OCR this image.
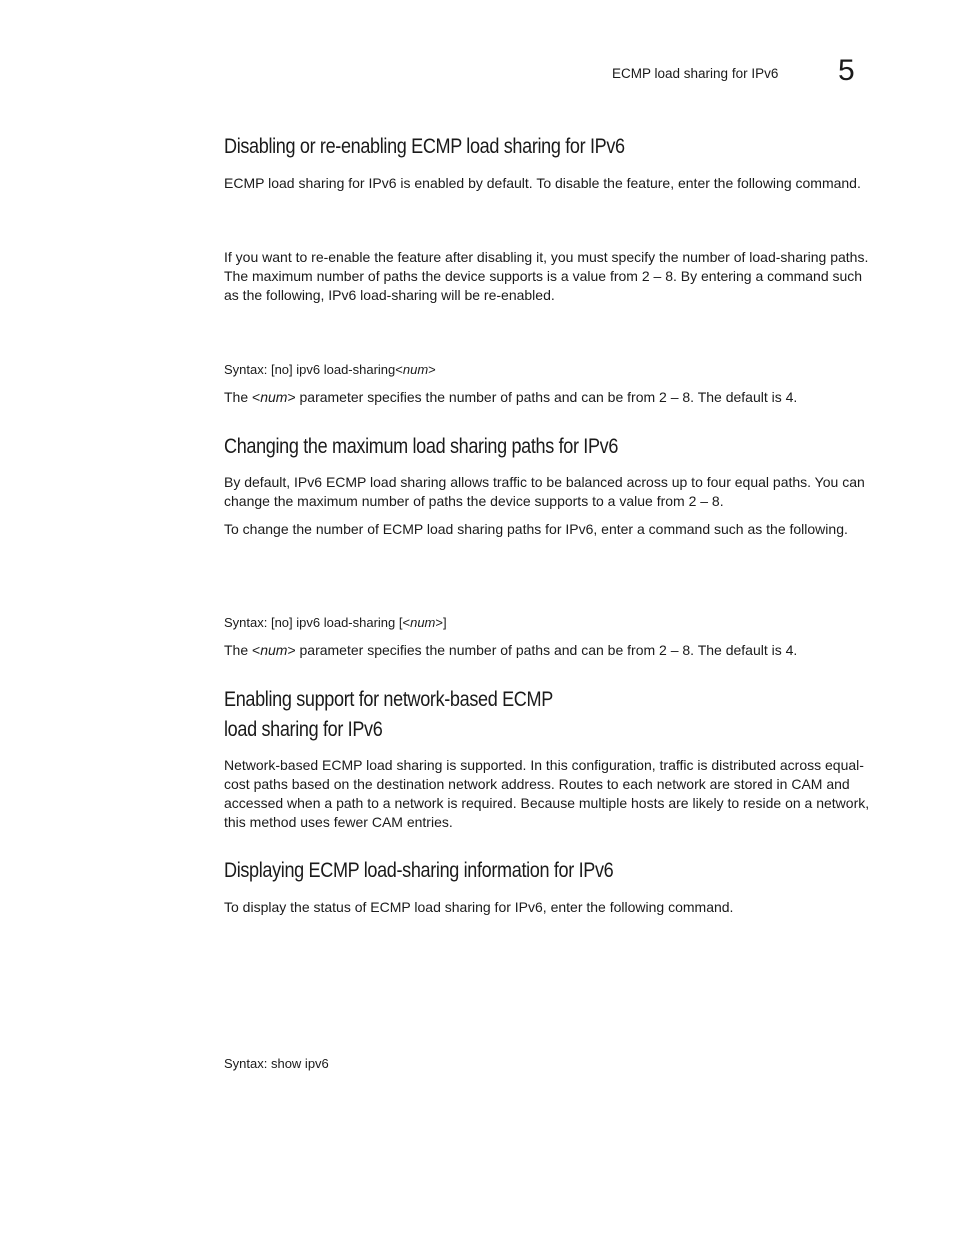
ECMP load sharing for IPv6 5
Disabling or re-enabling ECMP load sharing for IPv6

ECMP load sharing for IPv6 is enabled by default. To disable the feature, enter the following command.

If you want to re-enable the feature after disabling it, you must specify the number of load-sharing paths. The maximum number of paths the device supports is a value from 2 – 8. By entering a command such as the following, IPv6 load-sharing will be re-enabled.

Syntax: [no] ipv6 load-sharing<num>

The <num> parameter specifies the number of paths and can be from 2 – 8. The default is 4.

Changing the maximum load sharing paths for IPv6

By default, IPv6 ECMP load sharing allows traffic to be balanced across up to four equal paths. You can change the maximum number of paths the device supports to a value from 2 – 8.

To change the number of ECMP load sharing paths for IPv6, enter a command such as the following.

Syntax: [no] ipv6 load-sharing [<num>]

The <num> parameter specifies the number of paths and can be from 2 – 8. The default is 4.

Enabling support for network-based ECMP
load sharing for IPv6

Network-based ECMP load sharing is supported. In this configuration, traffic is distributed across equal-cost paths based on the destination network address. Routes to each network are stored in CAM and accessed when a path to a network is required. Because multiple hosts are likely to reside on a network, this method uses fewer CAM entries.

Displaying ECMP load-sharing information for IPv6

To display the status of ECMP load sharing for IPv6, enter the following command.

Syntax: show ipv6
